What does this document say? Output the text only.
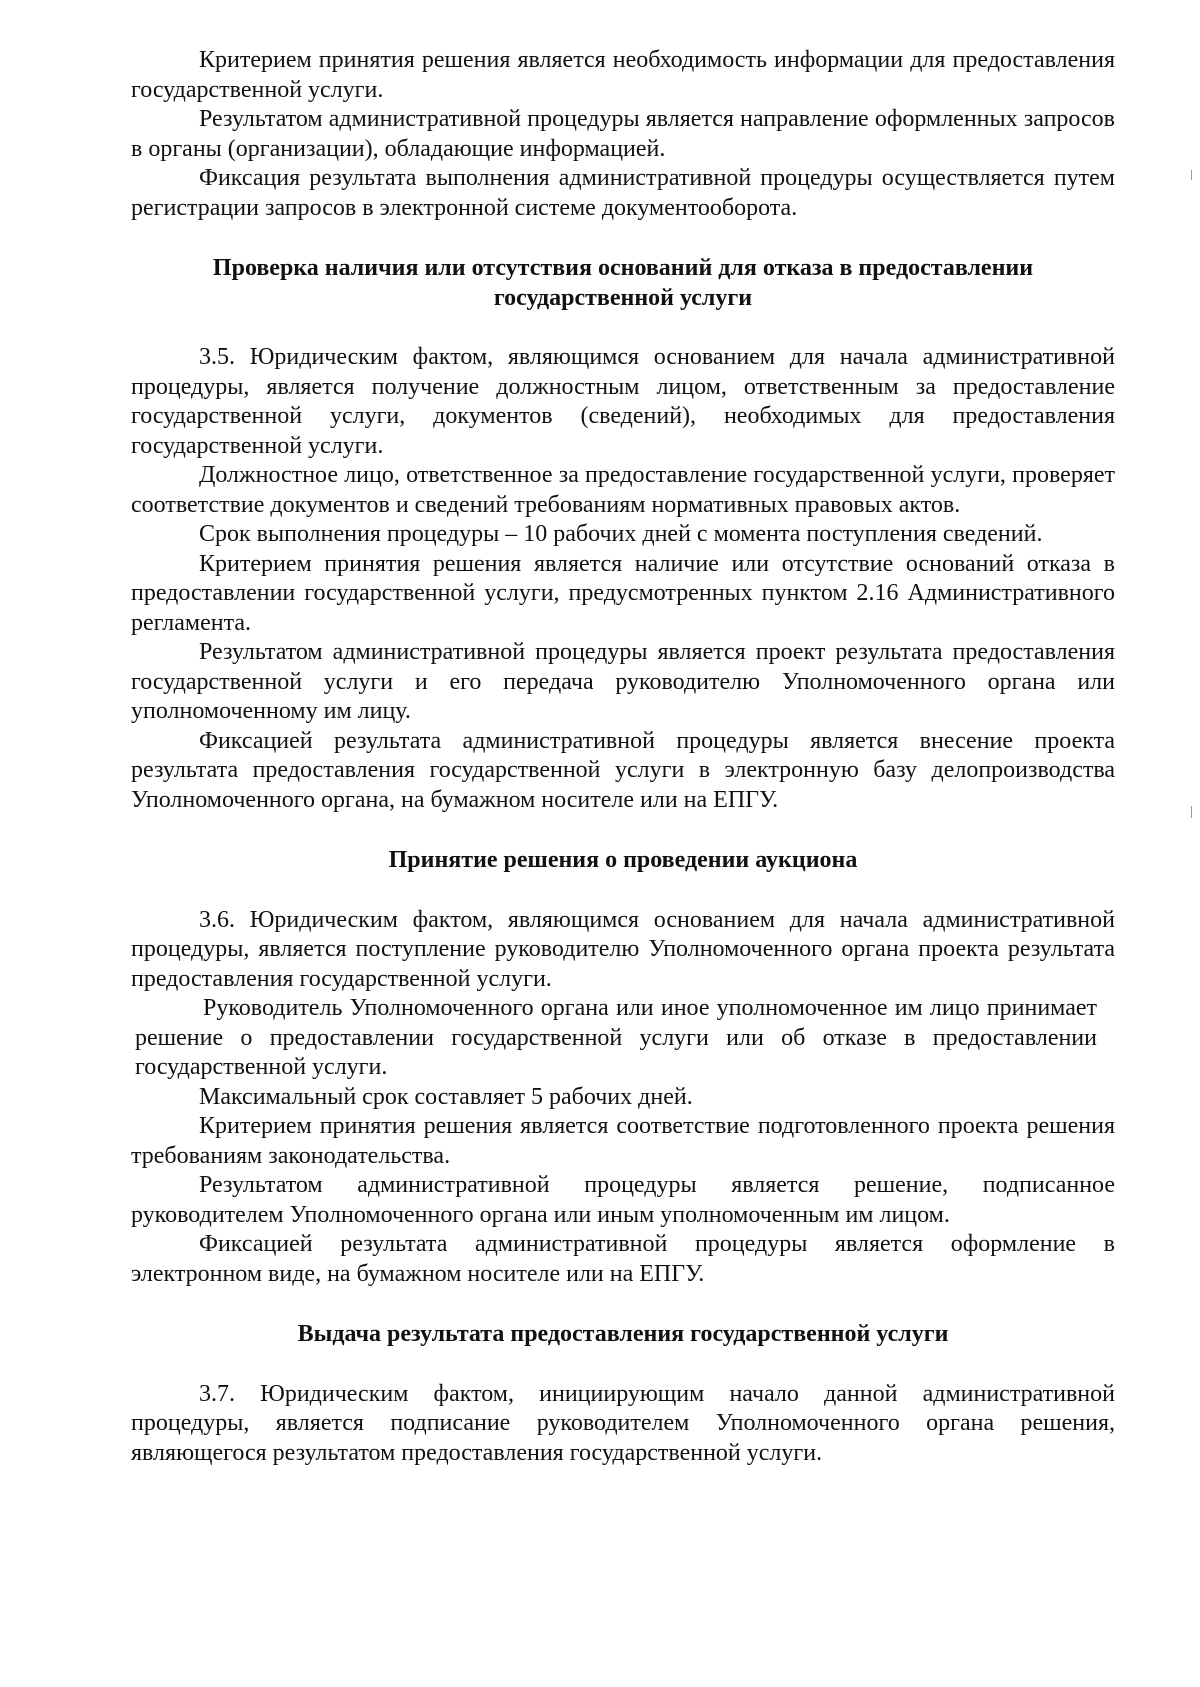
Критерием принятия решения является необходимость информации для предоставления государственной услуги.

Результатом административной процедуры является направление оформленных запросов в органы (организации), обладающие информацией.

Фиксация результата выполнения административной процедуры осуществляется путем регистрации запросов в электронной системе документооборота.

Проверка наличия или отсутствия оснований для отказа в предоставлении государственной услуги

3.5. Юридическим фактом, являющимся основанием для начала административной процедуры, является получение должностным лицом, ответственным за предоставление государственной услуги, документов (сведений), необходимых для предоставления государственной услуги.

Должностное лицо, ответственное за предоставление государственной услуги, проверяет соответствие документов и сведений требованиям нормативных правовых актов.

Срок выполнения процедуры – 10 рабочих дней с момента поступления сведений.

Критерием принятия решения является наличие или отсутствие оснований отказа в предоставлении государственной услуги, предусмотренных пунктом 2.16 Административного регламента.

Результатом административной процедуры является проект результата предоставления государственной услуги и его передача руководителю Уполномоченного органа или уполномоченному им лицу.

Фиксацией результата административной процедуры является внесение проекта результата предоставления государственной услуги в электронную базу делопроизводства Уполномоченного органа, на бумажном носителе или на ЕПГУ.

Принятие решения о проведении аукциона

3.6. Юридическим фактом, являющимся основанием для начала административной процедуры, является поступление руководителю Уполномоченного органа проекта результата предоставления государственной услуги.

Руководитель Уполномоченного органа или иное уполномоченное им лицо принимает решение о предоставлении государственной услуги или об отказе в предоставлении государственной услуги.

Максимальный срок составляет 5 рабочих дней.

Критерием принятия решения является соответствие подготовленного проекта решения требованиям законодательства.

Результатом административной процедуры является решение, подписанное руководителем Уполномоченного органа или иным уполномоченным им лицом.

Фиксацией результата административной процедуры является оформление в электронном виде, на бумажном носителе или на ЕПГУ.

Выдача результата предоставления государственной услуги

3.7. Юридическим фактом, инициирующим начало данной административной процедуры, является подписание руководителем Уполномоченного органа решения, являющегося результатом предоставления государственной услуги.
